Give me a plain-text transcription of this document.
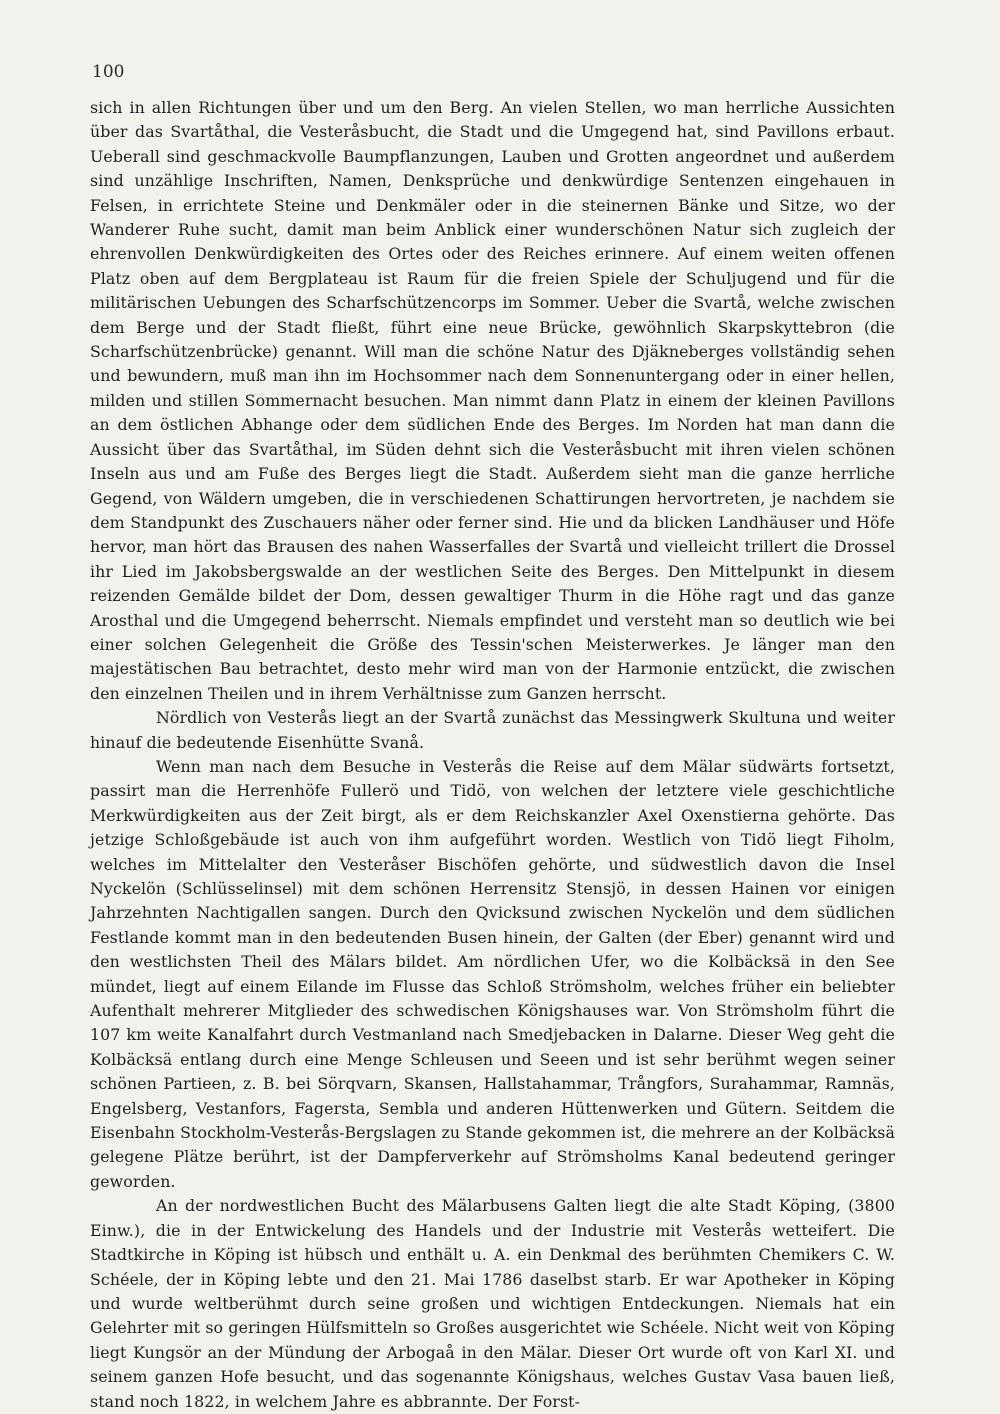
100

sich in allen Richtungen über und um den Berg. An vielen Stellen, wo man herrliche Aussichten über das Svartåthal, die Vesteråsbucht, die Stadt und die Umgegend hat, sind Pavillons erbaut. Ueberall sind geschmackvolle Baumpflanzungen, Lauben und Grotten angeordnet und außerdem sind unzählige Inschriften, Namen, Denksprüche und denkwürdige Sentenzen eingehauen in Felsen, in errichtete Steine und Denkmäler oder in die steinernen Bänke und Sitze, wo der Wanderer Ruhe sucht, damit man beim Anblick einer wunderschönen Natur sich zugleich der ehrenvollen Denkwürdigkeiten des Ortes oder des Reiches erinnere. Auf einem weiten offenen Platz oben auf dem Bergplateau ist Raum für die freien Spiele der Schuljugend und für die militärischen Uebungen des Scharfschützencorps im Sommer. Ueber die Svartå, welche zwischen dem Berge und der Stadt fließt, führt eine neue Brücke, gewöhnlich Skarpskyttebron (die Scharfschützenbrücke) genannt. Will man die schöne Natur des Djäkneberges vollständig sehen und bewundern, muß man ihn im Hochsommer nach dem Sonnenuntergang oder in einer hellen, milden und stillen Sommernacht besuchen. Man nimmt dann Platz in einem der kleinen Pavillons an dem östlichen Abhange oder dem südlichen Ende des Berges. Im Norden hat man dann die Aussicht über das Svartåthal, im Süden dehnt sich die Vesteråsbucht mit ihren vielen schönen Inseln aus und am Fuße des Berges liegt die Stadt. Außerdem sieht man die ganze herrliche Gegend, von Wäldern umgeben, die in verschiedenen Schattirungen hervortreten, je nachdem sie dem Standpunkt des Zuschauers näher oder ferner sind. Hie und da blicken Landhäuser und Höfe hervor, man hört das Brausen des nahen Wasserfalles der Svartå und vielleicht trillert die Drossel ihr Lied im Jakobsbergswalde an der westlichen Seite des Berges. Den Mittelpunkt in diesem reizenden Gemälde bildet der Dom, dessen gewaltiger Thurm in die Höhe ragt und das ganze Arosthal und die Umgegend beherrscht. Niemals empfindet und versteht man so deutlich wie bei einer solchen Gelegenheit die Größe des Tessin'schen Meisterwerkes. Je länger man den majestätischen Bau betrachtet, desto mehr wird man von der Harmonie entzückt, die zwischen den einzelnen Theilen und in ihrem Verhältnisse zum Ganzen herrscht.

Nördlich von Vesterås liegt an der Svartå zunächst das Messingwerk Skultuna und weiter hinauf die bedeutende Eisenhütte Svanå.

Wenn man nach dem Besuche in Vesterås die Reise auf dem Mälar südwärts fortsetzt, passirt man die Herrenhöfe Fullerö und Tidö, von welchen der letztere viele geschichtliche Merkwürdigkeiten aus der Zeit birgt, als er dem Reichskanzler Axel Oxenstierna gehörte. Das jetzige Schloßgebäude ist auch von ihm aufgeführt worden. Westlich von Tidö liegt Fiholm, welches im Mittelalter den Vesteråser Bischöfen gehörte, und südwestlich davon die Insel Nyckelön (Schlüsselinsel) mit dem schönen Herrensitz Stensjö, in dessen Hainen vor einigen Jahrzehnten Nachtigallen sangen. Durch den Qvicksund zwischen Nyckelön und dem südlichen Festlande kommt man in den bedeutenden Busen hinein, der Galten (der Eber) genannt wird und den westlichsten Theil des Mälars bildet. Am nördlichen Ufer, wo die Kolbäcksä in den See mündet, liegt auf einem Eilande im Flusse das Schloß Strömsholm, welches früher ein beliebter Aufenthalt mehrerer Mitglieder des schwedischen Königshauses war. Von Strömsholm führt die 107 km weite Kanalfahrt durch Vestmanland nach Smedjebacken in Dalarne. Dieser Weg geht die Kolbäcksä entlang durch eine Menge Schleusen und Seeen und ist sehr berühmt wegen seiner schönen Partieen, z. B. bei Sörqvarn, Skansen, Hallstahammar, Trångfors, Surahammar, Ramnäs, Engelsberg, Vestanfors, Fagersta, Sembla und anderen Hüttenwerken und Gütern. Seitdem die Eisenbahn Stockholm-Vesterås-Bergslagen zu Stande gekommen ist, die mehrere an der Kolbäcksä gelegene Plätze berührt, ist der Dampferverkehr auf Strömsholms Kanal bedeutend geringer geworden.

An der nordwestlichen Bucht des Mälarbusens Galten liegt die alte Stadt Köping, (3800 Einw.), die in der Entwickelung des Handels und der Industrie mit Vesterås wetteifert. Die Stadtkirche in Köping ist hübsch und enthält u. A. ein Denkmal des berühmten Chemikers C. W. Schéele, der in Köping lebte und den 21. Mai 1786 daselbst starb. Er war Apotheker in Köping und wurde weltberühmt durch seine großen und wichtigen Entdeckungen. Niemals hat ein Gelehrter mit so geringen Hülfsmitteln so Großes ausgerichtet wie Schéele. Nicht weit von Köping liegt Kungsör an der Mündung der Arbogaå in den Mälar. Dieser Ort wurde oft von Karl XI. und seinem ganzen Hofe besucht, und das sogenannte Königshaus, welches Gustav Vasa bauen ließ, stand noch 1822, in welchem Jahre es abbrannte. Der Forst-
